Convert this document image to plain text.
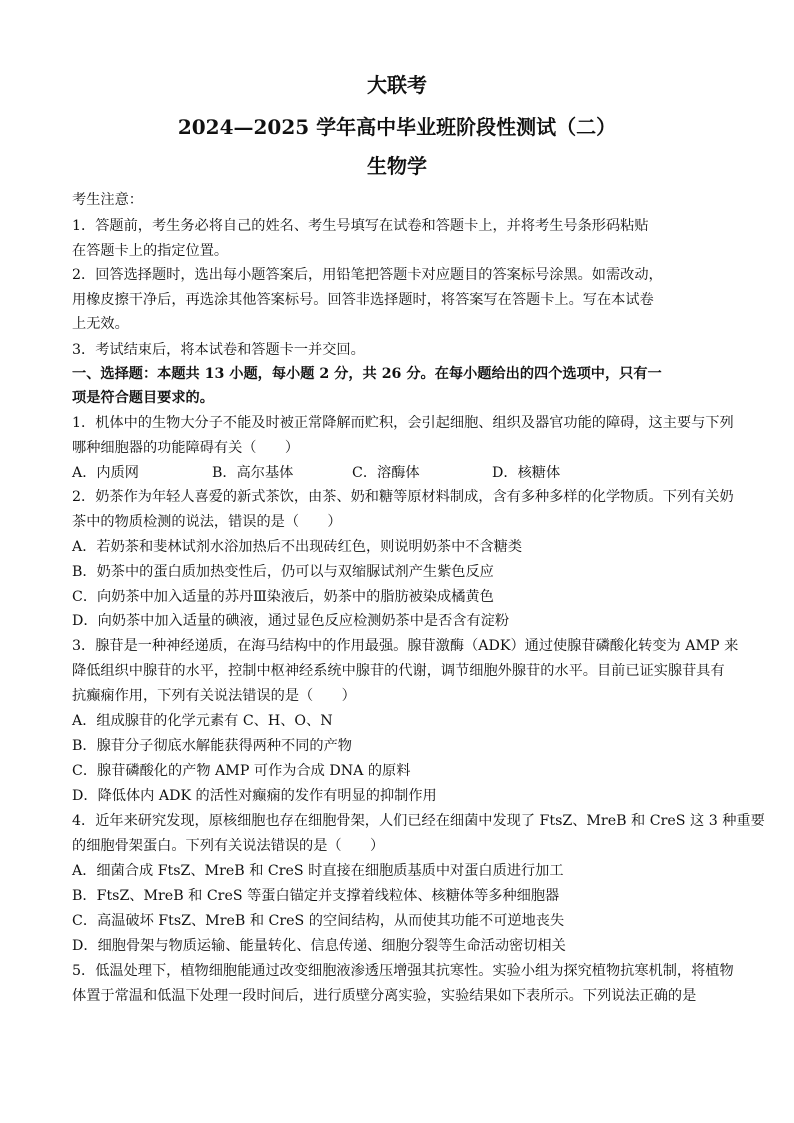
大联考
2024—2025 学年高中毕业班阶段性测试（二）
生物学
考生注意：
1．答题前，考生务必将自己的姓名、考生号填写在试卷和答题卡上，并将考生号条形码粘贴
在答题卡上的指定位置。
2．回答选择题时，选出每小题答案后，用铅笔把答题卡对应题目的答案标号涂黑。如需改动，
用橡皮擦干净后，再选涂其他答案标号。回答非选择题时，将答案写在答题卡上。写在本试卷
上无效。
3．考试结束后，将本试卷和答题卡一并交回。
一、选择题：本题共 13 小题，每小题 2 分，共 26 分。在每小题给出的四个选项中，只有一
项是符合题目要求的。
1．机体中的生物大分子不能及时被正常降解而贮积，会引起细胞、组织及器官功能的障碍，这主要与下列
哪种细胞器的功能障碍有关（　　）
A．内质网	B．高尔基体	C．溶酶体	D．核糖体
2．奶茶作为年轻人喜爱的新式茶饮，由茶、奶和糖等原材料制成，含有多种多样的化学物质。下列有关奶
茶中的物质检测的说法，错误的是（　　）
A．若奶茶和斐林试剂水浴加热后不出现砖红色，则说明奶茶中不含糖类
B．奶茶中的蛋白质加热变性后，仍可以与双缩脲试剂产生紫色反应
C．向奶茶中加入适量的苏丹Ⅲ染液后，奶茶中的脂肪被染成橘黄色
D．向奶茶中加入适量的碘液，通过显色反应检测奶茶中是否含有淀粉
3．腺苷是一种神经递质，在海马结构中的作用最强。腺苷激酶（ADK）通过使腺苷磷酸化转变为 AMP 来
降低组织中腺苷的水平，控制中枢神经系统中腺苷的代谢，调节细胞外腺苷的水平。目前已证实腺苷具有
抗癫痫作用，下列有关说法错误的是（　　）
A．组成腺苷的化学元素有 C、H、O、N
B．腺苷分子彻底水解能获得两种不同的产物
C．腺苷磷酸化的产物 AMP 可作为合成 DNA 的原料
D．降低体内 ADK 的活性对癫痫的发作有明显的抑制作用
4．近年来研究发现，原核细胞也存在细胞骨架，人们已经在细菌中发现了 FtsZ、MreB 和 CreS 这 3 种重要
的细胞骨架蛋白。下列有关说法错误的是（　　）
A．细菌合成 FtsZ、MreB 和 CreS 时直接在细胞质基质中对蛋白质进行加工
B．FtsZ、MreB 和 CreS 等蛋白锚定并支撑着线粒体、核糖体等多种细胞器
C．高温破坏 FtsZ、MreB 和 CreS 的空间结构，从而使其功能不可逆地丧失
D．细胞骨架与物质运输、能量转化、信息传递、细胞分裂等生命活动密切相关
5．低温处理下，植物细胞能通过改变细胞液渗透压增强其抗寒性。实验小组为探究植物抗寒机制，将植物
体置于常温和低温下处理一段时间后，进行质壁分离实验，实验结果如下表所示。下列说法正确的是
